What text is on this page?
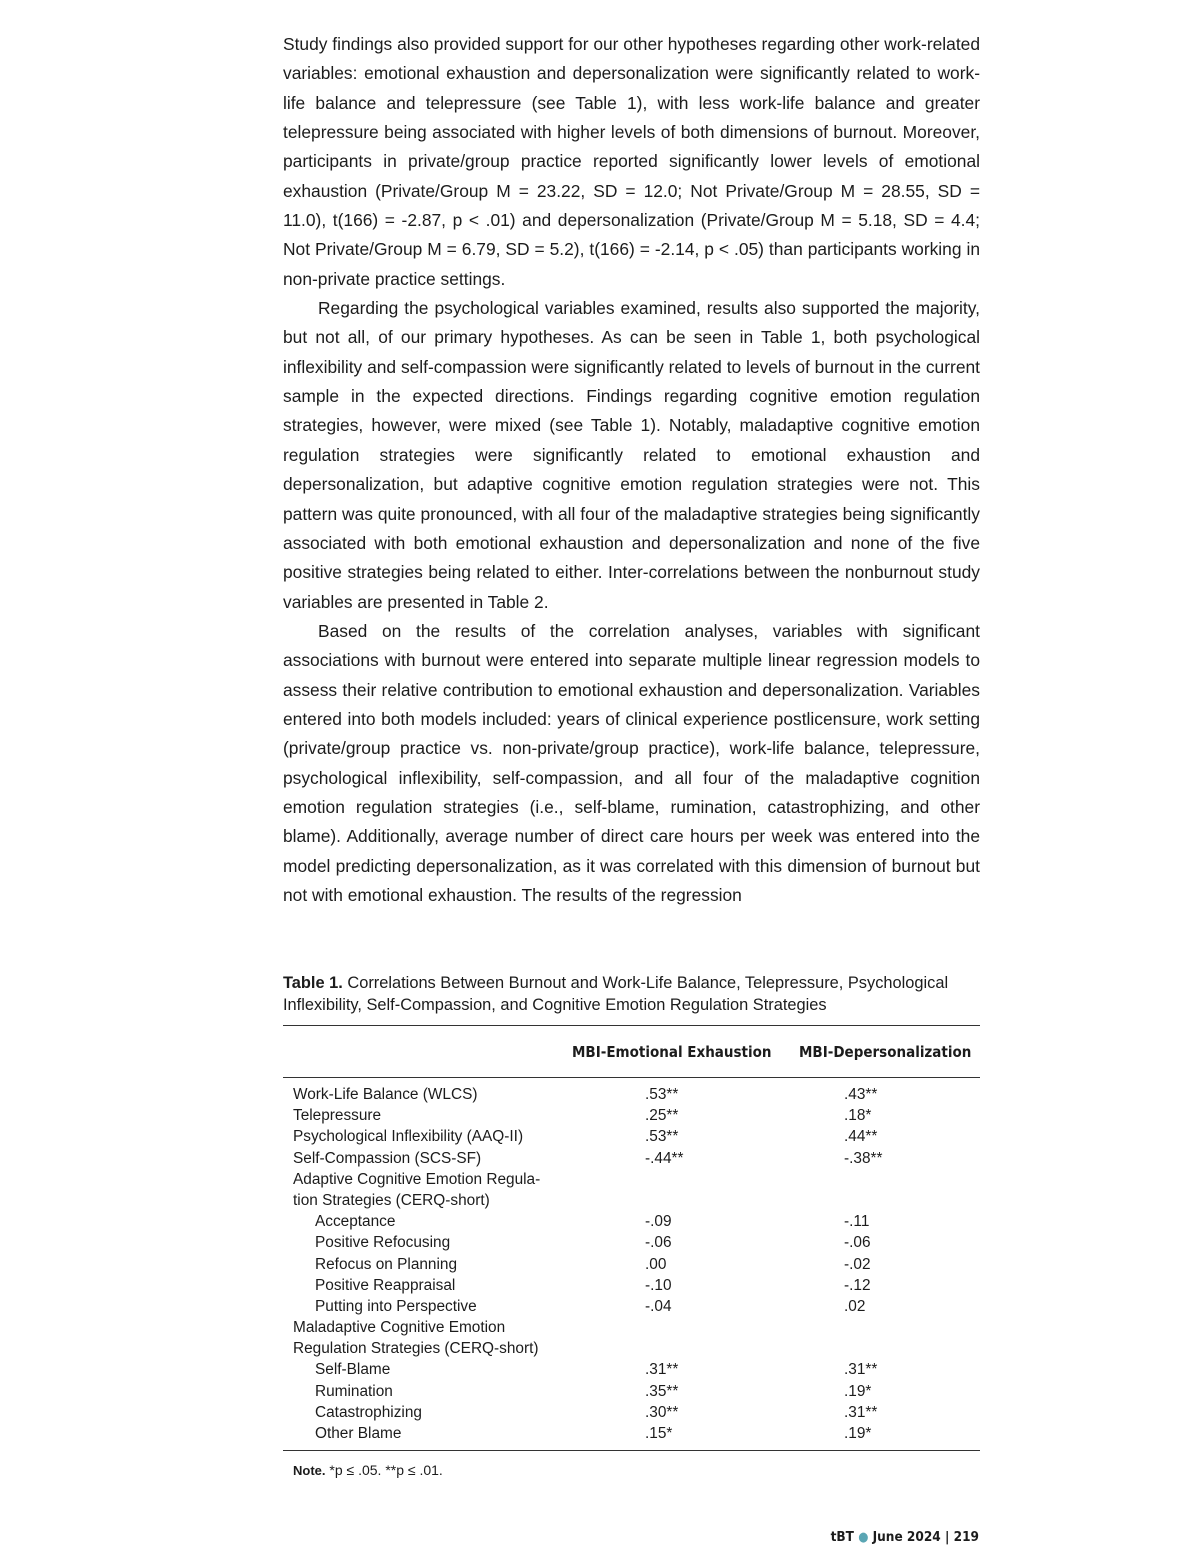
Study findings also provided support for our other hypotheses regarding other work-related variables: emotional exhaustion and depersonalization were significantly related to work-life balance and telepressure (see Table 1), with less work-life balance and greater telepressure being associated with higher levels of both dimensions of burnout. Moreover, participants in private/group practice reported significantly lower levels of emotional exhaustion (Private/Group M = 23.22, SD = 12.0; Not Private/Group M = 28.55, SD = 11.0), t(166) = -2.87, p < .01) and depersonalization (Private/Group M = 5.18, SD = 4.4; Not Private/Group M = 6.79, SD = 5.2), t(166) = -2.14, p < .05) than participants working in non-private practice settings.

Regarding the psychological variables examined, results also supported the majority, but not all, of our primary hypotheses. As can be seen in Table 1, both psychological inflexibility and self-compassion were significantly related to levels of burnout in the current sample in the expected directions. Findings regarding cognitive emotion regulation strategies, however, were mixed (see Table 1). Notably, maladaptive cognitive emotion regulation strategies were significantly related to emotional exhaustion and depersonalization, but adaptive cognitive emotion regulation strategies were not. This pattern was quite pronounced, with all four of the maladaptive strategies being significantly associated with both emotional exhaustion and depersonalization and none of the five positive strategies being related to either. Inter-correlations between the nonburnout study variables are presented in Table 2.

Based on the results of the correlation analyses, variables with significant associations with burnout were entered into separate multiple linear regression models to assess their relative contribution to emotional exhaustion and depersonalization. Variables entered into both models included: years of clinical experience postlicensure, work setting (private/group practice vs. non-private/group practice), work-life balance, telepressure, psychological inflexibility, self-compassion, and all four of the maladaptive cognition emotion regulation strategies (i.e., self-blame, rumination, catastrophizing, and other blame). Additionally, average number of direct care hours per week was entered into the model predicting depersonalization, as it was correlated with this dimension of burnout but not with emotional exhaustion. The results of the regression

Table 1. Correlations Between Burnout and Work-Life Balance, Telepressure, Psychological Inflexibility, Self-Compassion, and Cognitive Emotion Regulation Strategies
MBI-Emotional Exhaustion MBI-Depersonalization
Work-Life Balance (WLCS)	.53**	.43**
Telepressure	.25**	.18*
Psychological Inflexibility (AAQ-II)	.53**	.44**
Self-Compassion (SCS-SF)	-.44**	-.38**
Adaptive Cognitive Emotion Regula-
tion Strategies (CERQ-short)
Acceptance	-.09	-.11
Positive Refocusing	-.06	-.06
Refocus on Planning	.00	-.02
Positive Reappraisal	-.10	-.12
Putting into Perspective	-.04	.02
Maladaptive Cognitive Emotion
Regulation Strategies (CERQ-short)
Self-Blame	.31**	.31**
Rumination	.35**	.19*
Catastrophizing	.30**	.31**
Other Blame	.15*	.19*
Note. *p ≤ .05. **p ≤ .01.
tBT ● June 2024 | 219
